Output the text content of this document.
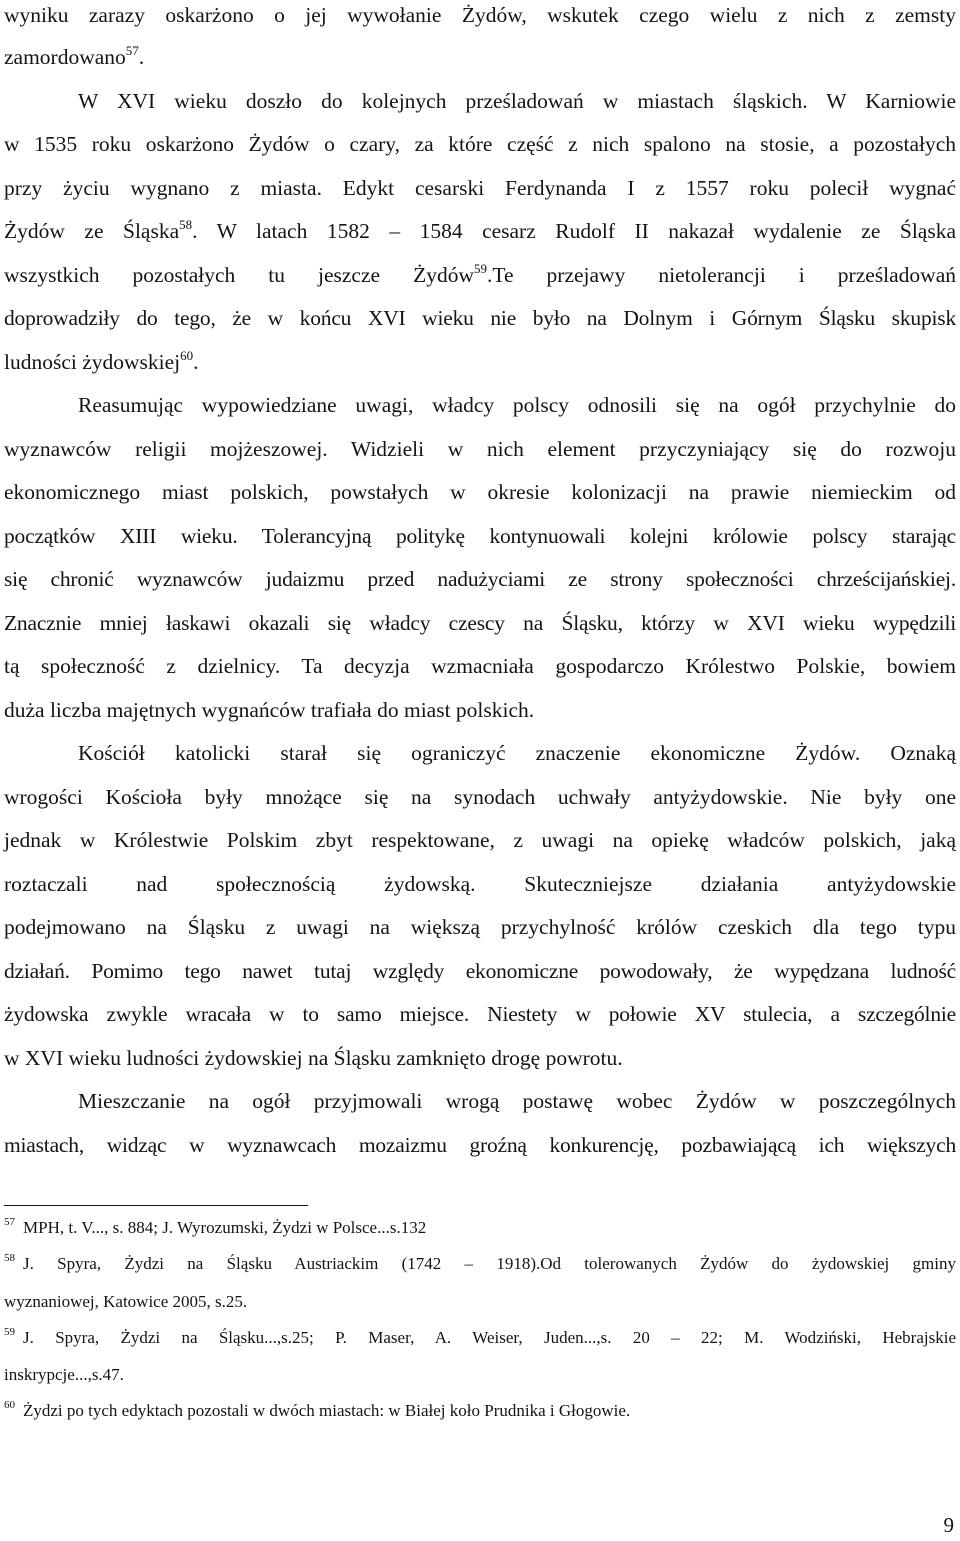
wyniku zarazy oskarżono o jej wywołanie Żydów, wskutek czego wielu z nich z zemsty
zamordowano$^{57}$.
W XVI wieku doszło do kolejnych prześladowań w miastach śląskich. W Karniowie
w 1535 roku oskarżono Żydów o czary, za które część z nich spalono na stosie, a pozostałych
przy życiu wygnano z miasta. Edykt cesarski Ferdynanda I z 1557 roku polecił wygnać
Żydów ze Śląska$^{58}$. W latach 1582 – 1584 cesarz Rudolf II nakazał wydalenie ze Śląska
wszystkich pozostałych tu jeszcze Żydów$^{59}$.Te przejawy nietolerancji i prześladowań
doprowadziły do tego, że w końcu XVI wieku nie było na Dolnym i Górnym Śląsku skupisk
ludności żydowskiej$^{60}$.
Reasumując wypowiedziane uwagi, władcy polscy odnosili się na ogół przychylnie do
wyznawców religii mojżeszowej. Widzieli w nich element przyczyniający się do rozwoju
ekonomicznego miast polskich, powstałych w okresie kolonizacji na prawie niemieckim od
początków XIII wieku. Tolerancyjną politykę kontynuowali kolejni królowie polscy starając
się chronić wyznawców judaizmu przed nadużyciami ze strony społeczności chrześcijańskiej.
Znacznie mniej łaskawi okazali się władcy czescy na Śląsku, którzy w XVI wieku wypędzili
tą społeczność z dzielnicy. Ta decyzja wzmacniała gospodarczo Królestwo Polskie, bowiem
duża liczba majętnych wygnańców trafiała do miast polskich.
Kościół katolicki starał się ograniczyć znaczenie ekonomiczne Żydów. Oznaką
wrogości Kościoła były mnożące się na synodach uchwały antyżydowskie. Nie były one
jednak w Królestwie Polskim zbyt respektowane, z uwagi na opiekę władców polskich, jaką
roztaczali nad społecznością żydowską. Skuteczniejsze działania antyżydowskie
podejmowano na Śląsku z uwagi na większą przychylność królów czeskich dla tego typu
działań. Pomimo tego nawet tutaj względy ekonomiczne powodowały, że wypędzana ludność
żydowska zwykle wracała w to samo miejsce. Niestety w połowie XV stulecia, a szczególnie
w XVI wieku ludności żydowskiej na Śląsku zamknięto drogę powrotu.
Mieszczanie na ogół przyjmowali wrogą postawę wobec Żydów w poszczególnych
miastach, widząc w wyznawcach mozaizmu groźną konkurencję, pozbawiającą ich większych
$^{57}$ MPH, t. V..., s. 884; J. Wyrozumski, Żydzi w Polsce...s.132
$^{58}$ J. Spyra, Żydzi na Śląsku Austriackim (1742 – 1918).Od tolerowanych Żydów do żydowskiej gminy
wyznaniowej, Katowice 2005, s.25.
$^{59}$ J. Spyra, Żydzi na Śląsku...,s.25; P. Maser, A. Weiser, Juden...,s. 20 – 22; M. Wodziński, Hebrajskie
inskrypcje...,s.47.
$^{60}$ Żydzi po tych edyktach pozostali w dwóch miastach: w Białej koło Prudnika i Głogowie.
9
